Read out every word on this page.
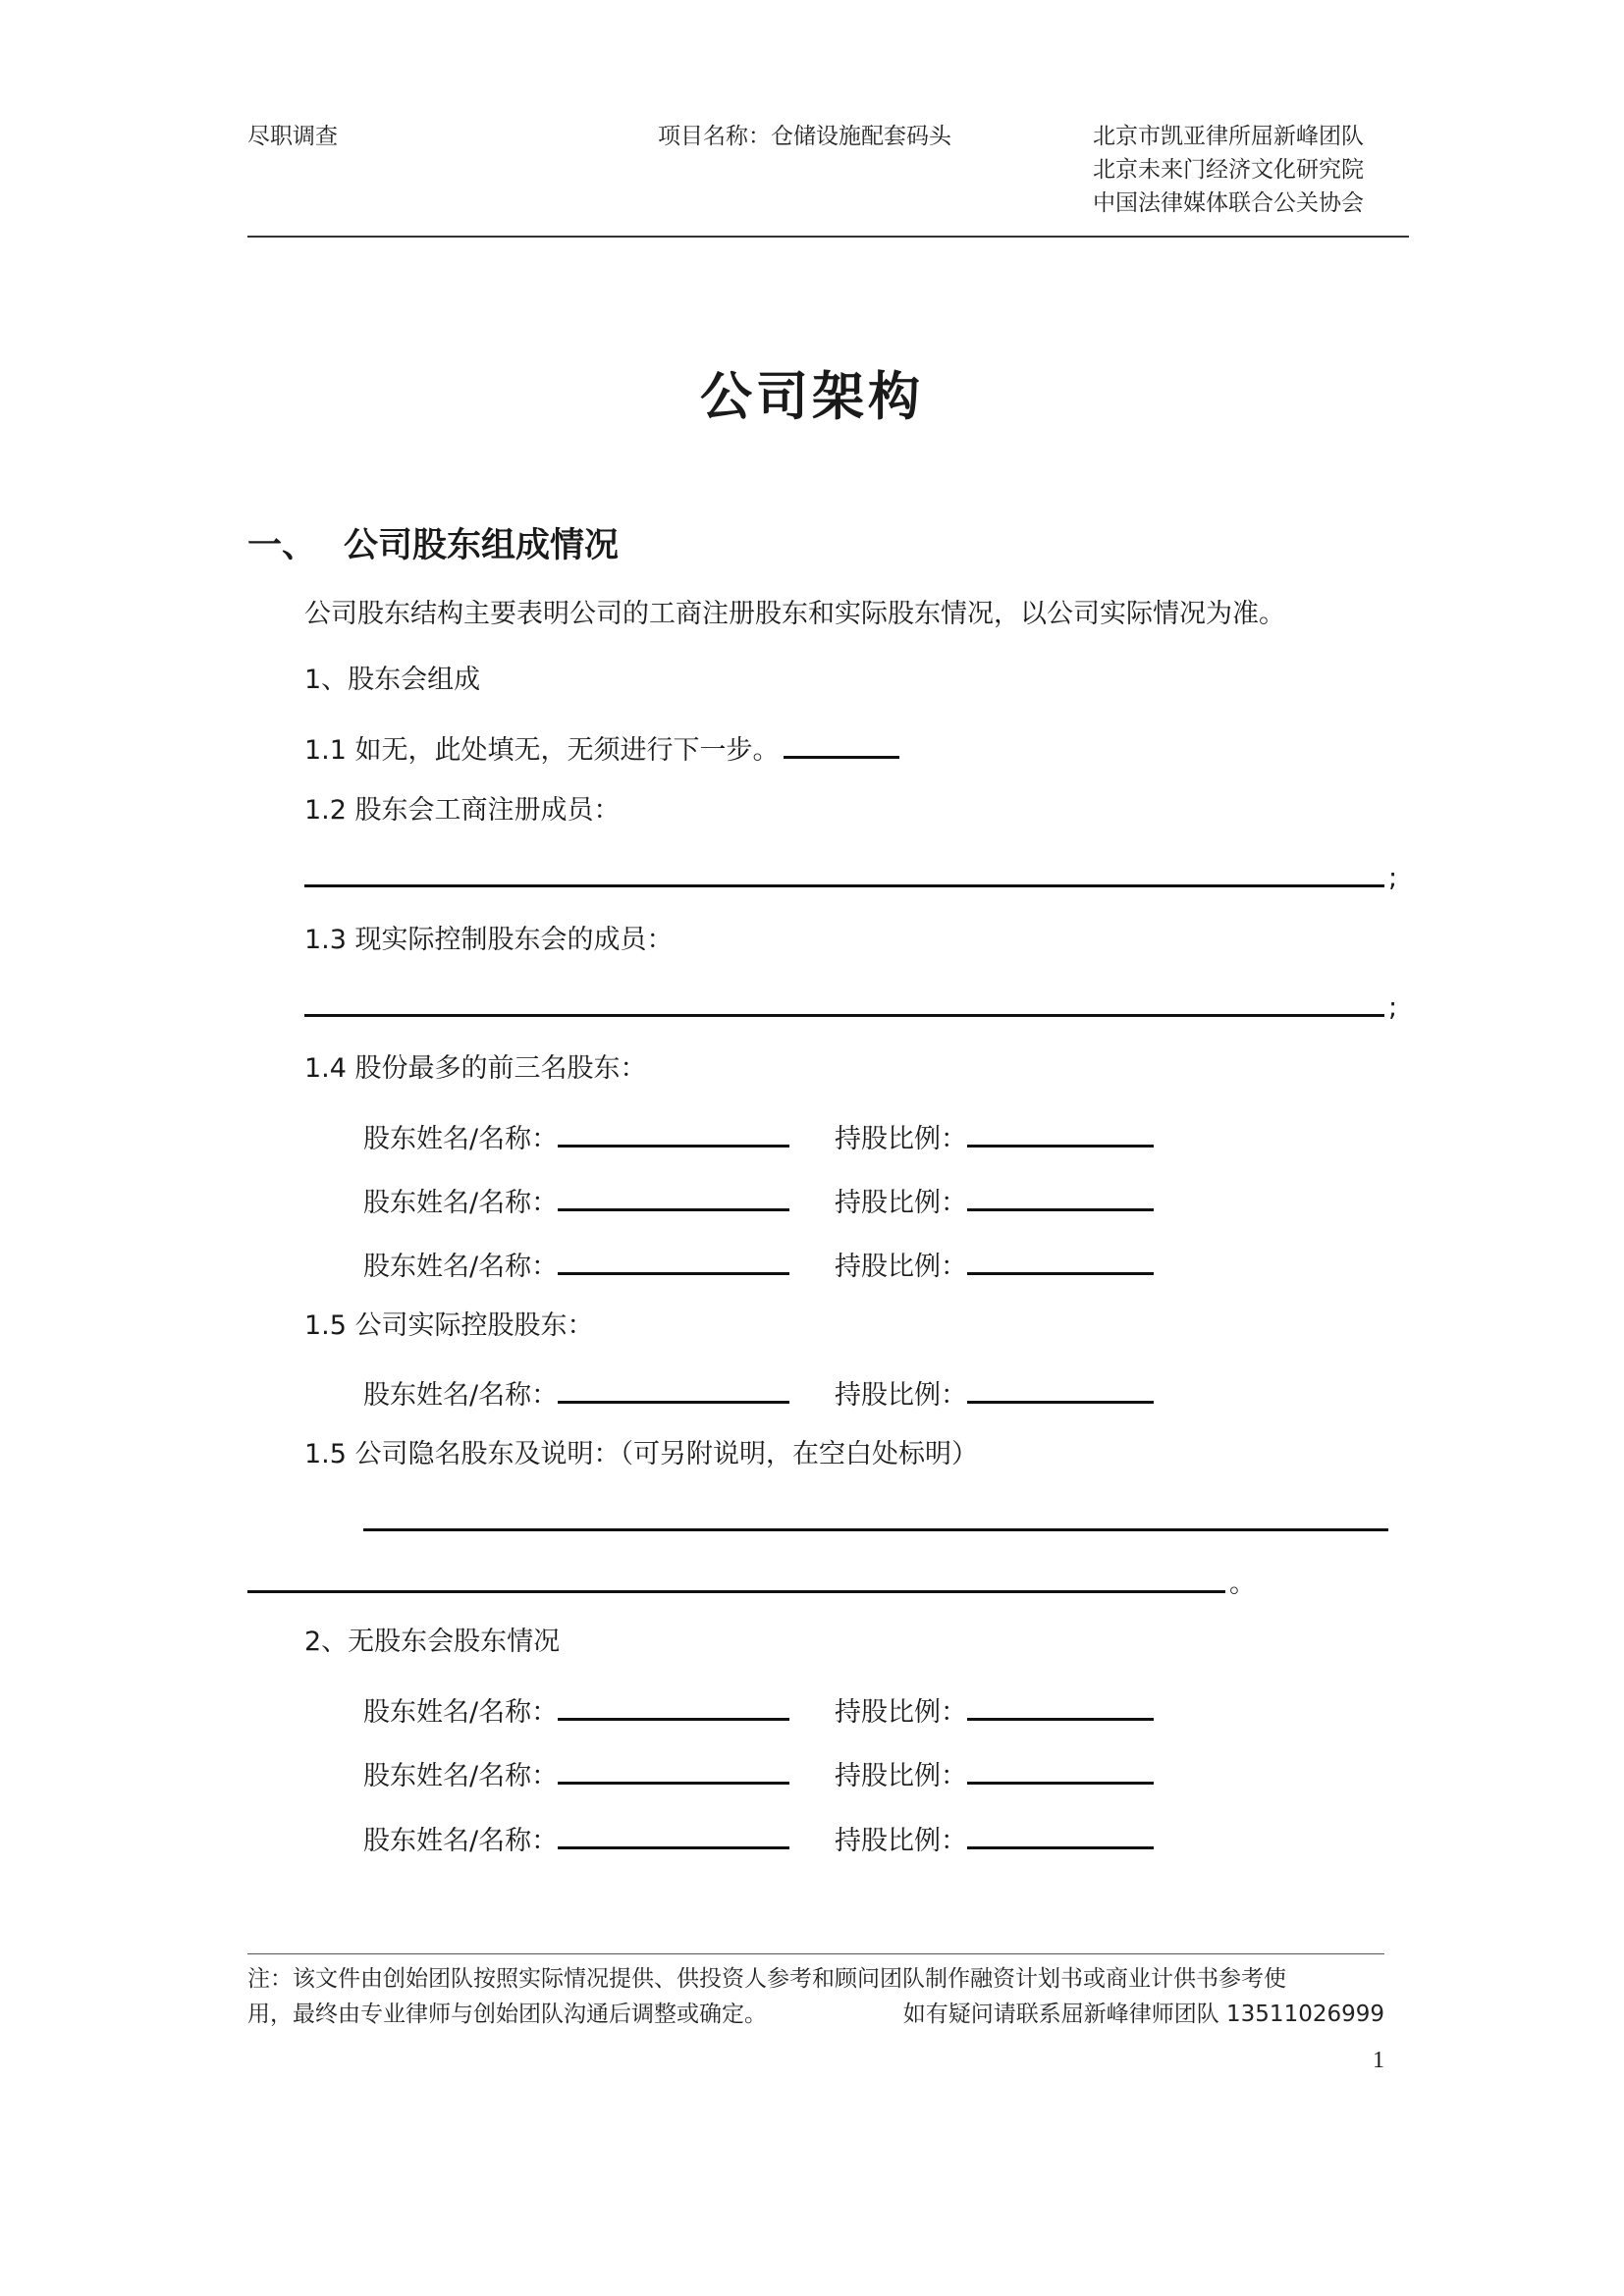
尽职调查	项目名称：仓储设施配套码头	北京市凯亚律所屈新峰团队
北京未来门经济文化研究院
中国法律媒体联合公关协会
公司架构
一、 公司股东组成情况
公司股东结构主要表明公司的工商注册股东和实际股东情况，以公司实际情况为准。
1、股东会组成
1.1 如无，此处填无，无须进行下一步。
1.2 股东会工商注册成员：
;
1.3 现实际控制股东会的成员：
;
1.4 股份最多的前三名股东：
股东姓名/名称：	持股比例：
股东姓名/名称：	持股比例：
股东姓名/名称：	持股比例：
1.5 公司实际控股股东：
股东姓名/名称：	持股比例：
1.5 公司隐名股东及说明：（可另附说明，在空白处标明）
。
2、无股东会股东情况
股东姓名/名称：	持股比例：
股东姓名/名称：	持股比例：
股东姓名/名称：	持股比例：
注：该文件由创始团队按照实际情况提供、供投资人参考和顾问团队制作融资计划书或商业计供书参考使
用，最终由专业律师与创始团队沟通后调整或确定。	如有疑问请联系屈新峰律师团队 13511026999
1
